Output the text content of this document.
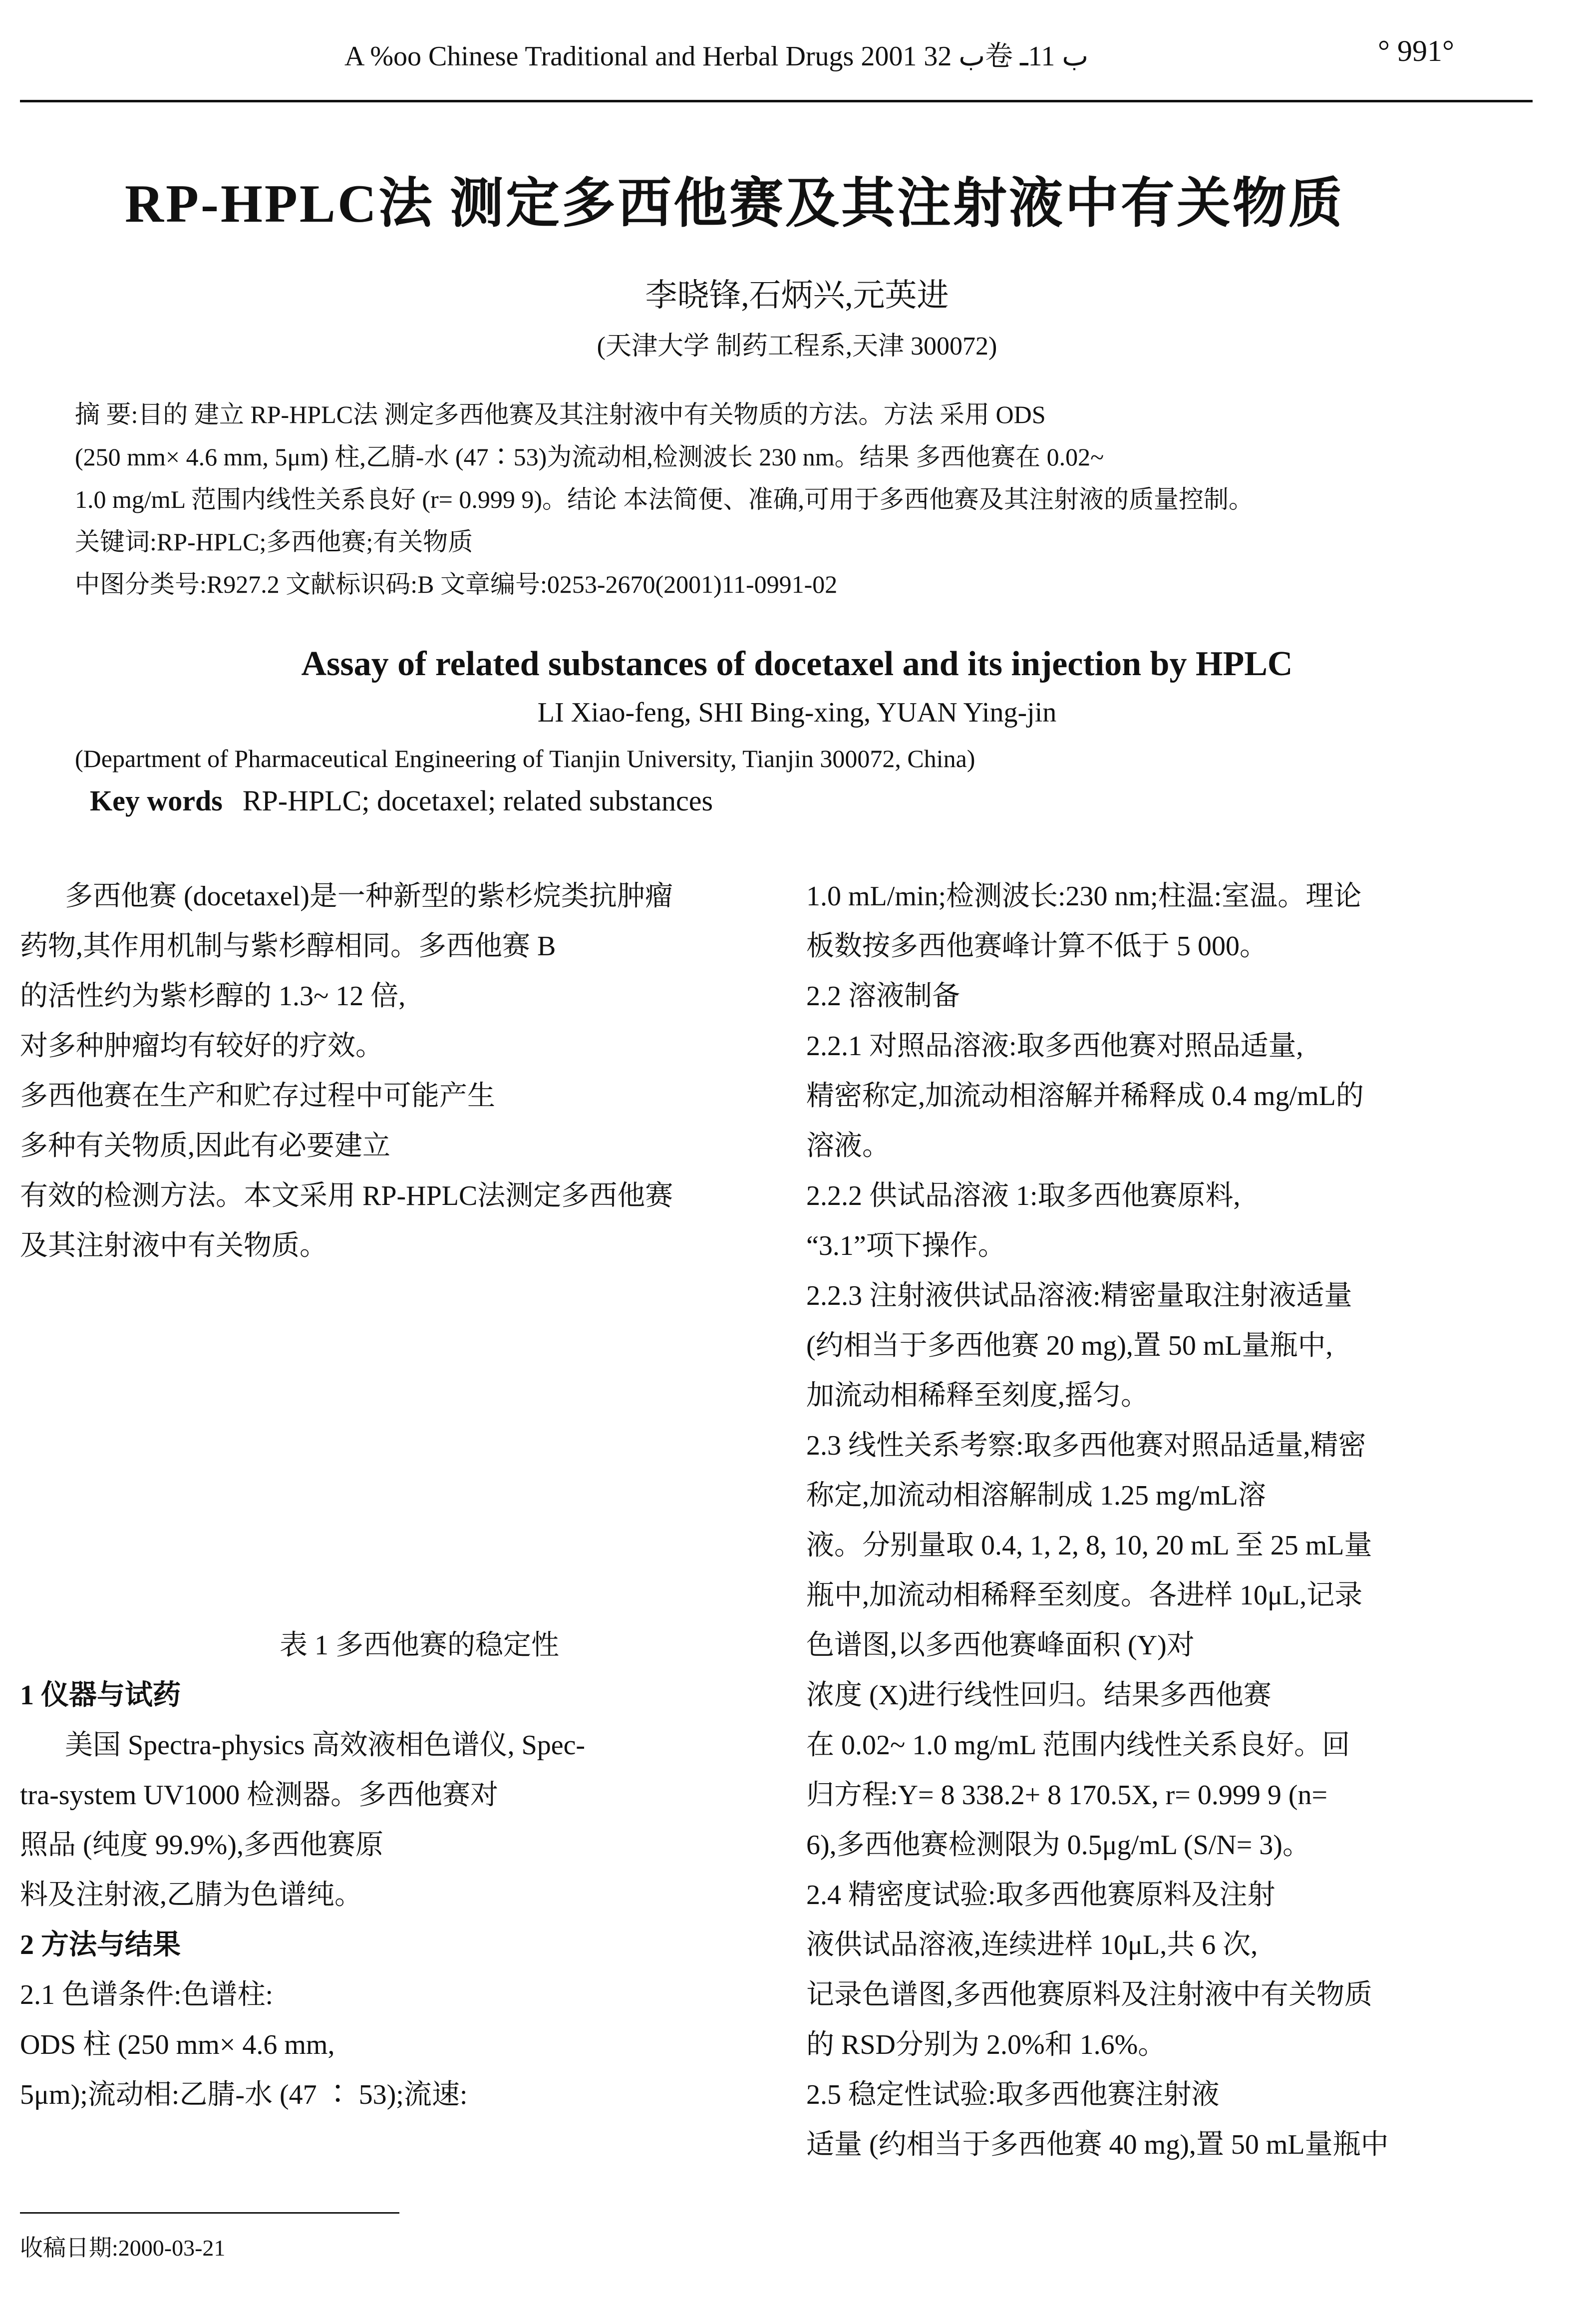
A %oo Chinese Traditional and Herbal Drugs 2001 ب 32卷 ب 11ـ	° 991°
RP-HPLC法 测定多西他赛及其注射液中有关物质
李晓锋,石炳兴,元英进
(天津大学 制药工程系,天津 300072)
摘 要:目的 建立 RP-HPLC法 测定多西他赛及其注射液中有关物质的方法。方法 采用 ODS
(250 mm× 4.6 mm, 5μm) 柱,乙腈-水 (47∶53)为流动相,检测波长 230 nm。结果 多西他赛在 0.02~
1.0 mg/mL 范围内线性关系良好 (r= 0.999 9)。结论 本法简便、准确,可用于多西他赛及其注射液的质量控制。
关键词:RP-HPLC;多西他赛;有关物质
中图分类号:R927.2 文献标识码:B 文章编号:0253-2670(2001)11-0991-02
Assay of related substances of docetaxel and its injection by HPLC
LI Xiao-feng, SHI Bing-xing, YUAN Ying-jin
(Department of Pharmaceutical Engineering of Tianjin University, Tianjin 300072, China)
Key words RP-HPLC; docetaxel; related substances

多西他赛 (docetaxel)是一种新型的紫杉烷类抗肿瘤

药物,其作用机制与紫杉醇相同。多西他赛 B

的活性约为紫杉醇的 1.3~ 12 倍,

对多种肿瘤均有较好的疗效。

多西他赛在生产和贮存过程中可能产生

多种有关物质,因此有必要建立

有效的检测方法。本文采用 RP-HPLC法测定多西他赛

及其注射液中有关物质。

表 1 多西他赛的稳定性

1 仪器与试药

美国 Spectra-physics 高效液相色谱仪, Spec-

tra-system UV1000 检测器。多西他赛对

照品 (纯度 99.9%),多西他赛原

料及注射液,乙腈为色谱纯。

2 方法与结果

2.1 色谱条件:色谱柱:

ODS 柱 (250 mm× 4.6 mm,

5μm);流动相:乙腈-水 (47 ∶ 53);流速:

1.0 mL/min;检测波长:230 nm;柱温:室温。理论

板数按多西他赛峰计算不低于 5 000。

2.2 溶液制备

2.2.1 对照品溶液:取多西他赛对照品适量,

精密称定,加流动相溶解并稀释成 0.4 mg/mL的

溶液。

2.2.2 供试品溶液 1:取多西他赛原料,

“3.1”项下操作。

2.2.3 注射液供试品溶液:精密量取注射液适量

(约相当于多西他赛 20 mg),置 50 mL量瓶中,

加流动相稀释至刻度,摇匀。

2.3 线性关系考察:取多西他赛对照品适量,精密

称定,加流动相溶解制成 1.25 mg/mL溶

液。分别量取 0.4, 1, 2, 8, 10, 20 mL 至 25 mL量

瓶中,加流动相稀释至刻度。各进样 10μL,记录

色谱图,以多西他赛峰面积 (Y)对

浓度 (X)进行线性回归。结果多西他赛

在 0.02~ 1.0 mg/mL 范围内线性关系良好。回

归方程:Y= 8 338.2+ 8 170.5X, r= 0.999 9 (n=

6),多西他赛检测限为 0.5μg/mL (S/N= 3)。

2.4 精密度试验:取多西他赛原料及注射

液供试品溶液,连续进样 10μL,共 6 次,

记录色谱图,多西他赛原料及注射液中有关物质

的 RSD分别为 2.0%和 1.6%。

2.5 稳定性试验:取多西他赛注射液

适量 (约相当于多西他赛 40 mg),置 50 mL量瓶中

收稿日期:2000-03-21
